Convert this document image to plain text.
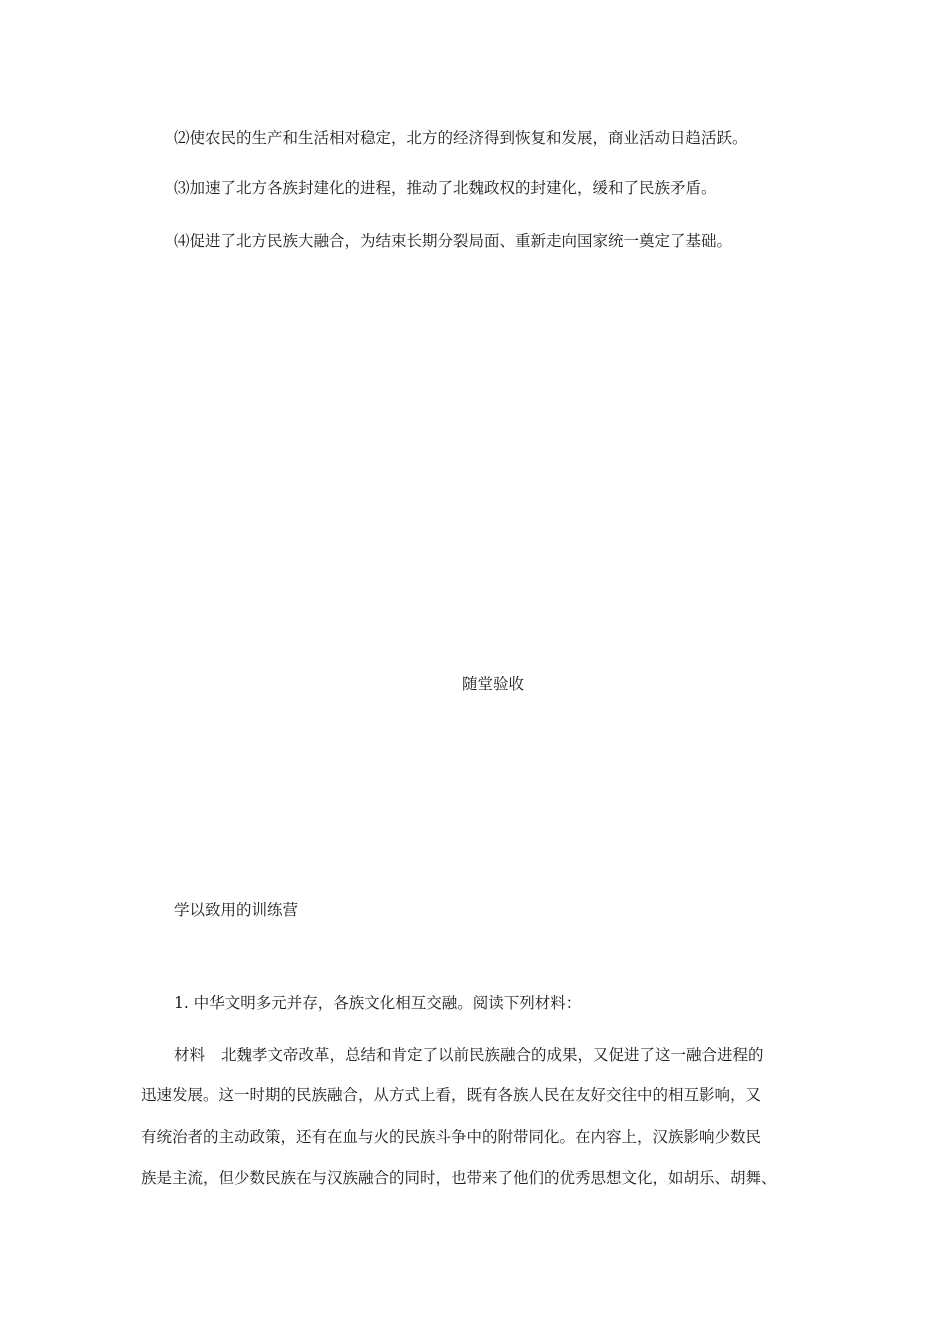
⑵使农民的生产和生活相对稳定，北方的经济得到恢复和发展，商业活动日趋活跃。
⑶加速了北方各族封建化的进程，推动了北魏政权的封建化，缓和了民族矛盾。
⑷促进了北方民族大融合，为结束长期分裂局面、重新走向国家统一奠定了基础。
随堂验收
学以致用的训练营
1. 中华文明多元并存，各族文化相互交融。阅读下列材料：
材料 北魏孝文帝改革，总结和肯定了以前民族融合的成果，又促进了这一融合进程的
迅速发展。这一时期的民族融合，从方式上看，既有各族人民在友好交往中的相互影响，又
有统治者的主动政策，还有在血与火的民族斗争中的附带同化。在内容上，汉族影响少数民
族是主流，但少数民族在与汉族融合的同时，也带来了他们的优秀思想文化，如胡乐、胡舞、
